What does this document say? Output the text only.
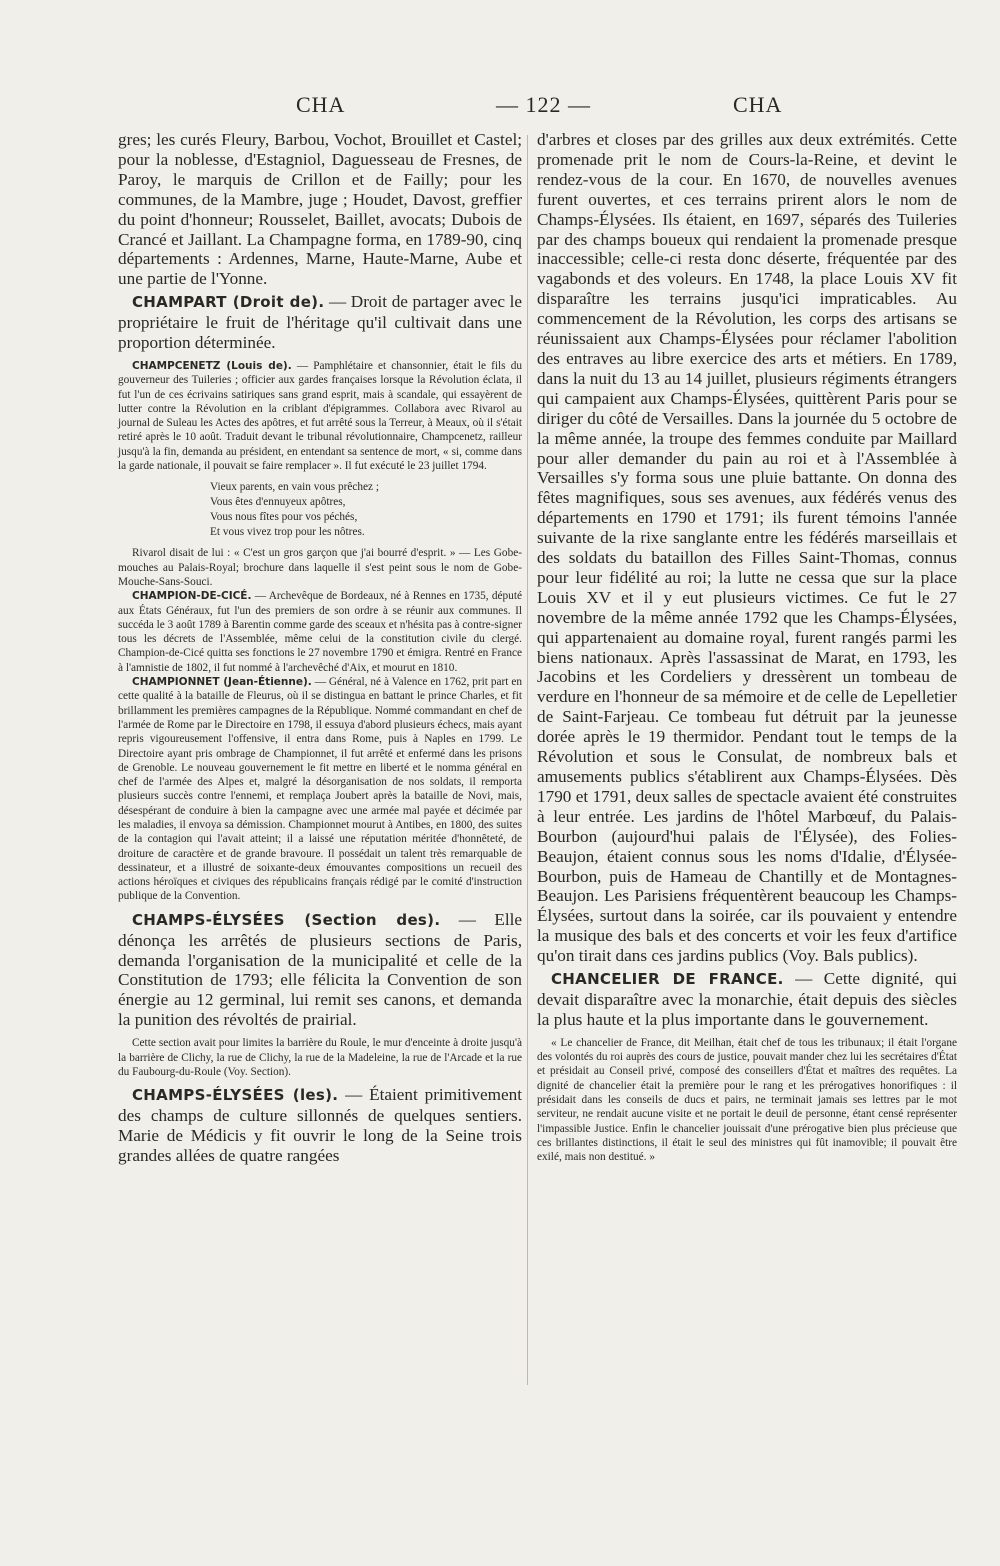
CHA	— 122 —	CHA

gres; les curés Fleury, Barbou, Vochot, Brouillet et Castel; pour la noblesse, d'Estagniol, Daguesseau de Fresnes, de Paroy, le marquis de Crillon et de Failly; pour les communes, de la Mambre, juge ; Houdet, Davost, greffier du point d'honneur; Rousselet, Baillet, avocats; Dubois de Crancé et Jaillant. La Champagne forma, en 1789-90, cinq départements : Ardennes, Marne, Haute-Marne, Aube et une partie de l'Yonne.

CHAMPART (Droit de). — Droit de partager avec le propriétaire le fruit de l'héritage qu'il cultivait dans une proportion déterminée.

CHAMPCENETZ (Louis de). — Pamphlétaire et chansonnier, était le fils du gouverneur des Tuileries ; officier aux gardes françaises lorsque la Révolution éclata, il fut l'un de ces écrivains satiriques sans grand esprit, mais à scandale, qui essayèrent de lutter contre la Révolution en la criblant d'épigrammes. Collabora avec Rivarol au journal de Suleau les Actes des apôtres, et fut arrêté sous la Terreur, à Meaux, où il s'était retiré après le 10 août. Traduit devant le tribunal révolutionnaire, Champcenetz, railleur jusqu'à la fin, demanda au président, en entendant sa sentence de mort, « si, comme dans la garde nationale, il pouvait se faire remplacer ». Il fut exécuté le 23 juillet 1794.

Vieux parents, en vain vous prêchez ;
Vous êtes d'ennuyeux apôtres,
Vous nous fîtes pour vos péchés,
Et vous vivez trop pour les nôtres.

Rivarol disait de lui : « C'est un gros garçon que j'ai bourré d'esprit. » — Les Gobe-mouches au Palais-Royal; brochure dans laquelle il s'est peint sous le nom de Gobe-Mouche-Sans-Souci.

CHAMPION-DE-CICÉ. — Archevêque de Bordeaux, né à Rennes en 1735, député aux États Généraux, fut l'un des premiers de son ordre à se réunir aux communes. Il succéda le 3 août 1789 à Barentin comme garde des sceaux et n'hésita pas à contre-signer tous les décrets de l'Assemblée, même celui de la constitution civile du clergé. Champion-de-Cicé quitta ses fonctions le 27 novembre 1790 et émigra. Rentré en France à l'amnistie de 1802, il fut nommé à l'archevêché d'Aix, et mourut en 1810.

CHAMPIONNET (Jean-Étienne). — Général, né à Valence en 1762, prit part en cette qualité à la bataille de Fleurus, où il se distingua en battant le prince Charles, et fit brillamment les premières campagnes de la République. Nommé commandant en chef de l'armée de Rome par le Directoire en 1798, il essuya d'abord plusieurs échecs, mais ayant repris vigoureusement l'offensive, il entra dans Rome, puis à Naples en 1799. Le Directoire ayant pris ombrage de Championnet, il fut arrêté et enfermé dans les prisons de Grenoble. Le nouveau gouvernement le fit mettre en liberté et le nomma général en chef de l'armée des Alpes et, malgré la désorganisation de nos soldats, il remporta plusieurs succès contre l'ennemi, et remplaça Joubert après la bataille de Novi, mais, désespérant de conduire à bien la campagne avec une armée mal payée et décimée par les maladies, il envoya sa démission. Championnet mourut à Antibes, en 1800, des suites de la contagion qui l'avait atteint; il a laissé une réputation méritée d'honnêteté, de droiture de caractère et de grande bravoure. Il possédait un talent très remarquable de dessinateur, et a illustré de soixante-deux émouvantes compositions un recueil des actions héroïques et civiques des républicains français rédigé par le comité d'instruction publique de la Convention.

CHAMPS-ÉLYSÉES (Section des). — Elle dénonça les arrêtés de plusieurs sections de Paris, demanda l'organisation de la municipalité et celle de la Constitution de 1793; elle félicita la Convention de son énergie au 12 germinal, lui remit ses canons, et demanda la punition des révoltés de prairial.

Cette section avait pour limites la barrière du Roule, le mur d'enceinte à droite jusqu'à la barrière de Clichy, la rue de Clichy, la rue de la Madeleine, la rue de l'Arcade et la rue du Faubourg-du-Roule (Voy. Section).

CHAMPS-ÉLYSÉES (les). — Étaient primitivement des champs de culture sillonnés de quelques sentiers. Marie de Médicis y fit ouvrir le long de la Seine trois grandes allées de quatre rangées

d'arbres et closes par des grilles aux deux extrémités. Cette promenade prit le nom de Cours-la-Reine, et devint le rendez-vous de la cour. En 1670, de nouvelles avenues furent ouvertes, et ces terrains prirent alors le nom de Champs-Élysées. Ils étaient, en 1697, séparés des Tuileries par des champs boueux qui rendaient la promenade presque inaccessible; celle-ci resta donc déserte, fréquentée par des vagabonds et des voleurs. En 1748, la place Louis XV fit disparaître les terrains jusqu'ici impraticables. Au commencement de la Révolution, les corps des artisans se réunissaient aux Champs-Élysées pour réclamer l'abolition des entraves au libre exercice des arts et métiers. En 1789, dans la nuit du 13 au 14 juillet, plusieurs régiments étrangers qui campaient aux Champs-Élysées, quittèrent Paris pour se diriger du côté de Versailles. Dans la journée du 5 octobre de la même année, la troupe des femmes conduite par Maillard pour aller demander du pain au roi et à l'Assemblée à Versailles s'y forma sous une pluie battante. On donna des fêtes magnifiques, sous ses avenues, aux fédérés venus des départements en 1790 et 1791; ils furent témoins l'année suivante de la rixe sanglante entre les fédérés marseillais et des soldats du bataillon des Filles Saint-Thomas, connus pour leur fidélité au roi; la lutte ne cessa que sur la place Louis XV et il y eut plusieurs victimes. Ce fut le 27 novembre de la même année 1792 que les Champs-Élysées, qui appartenaient au domaine royal, furent rangés parmi les biens nationaux. Après l'assassinat de Marat, en 1793, les Jacobins et les Cordeliers y dressèrent un tombeau de verdure en l'honneur de sa mémoire et de celle de Lepelletier de Saint-Farjeau. Ce tombeau fut détruit par la jeunesse dorée après le 19 thermidor. Pendant tout le temps de la Révolution et sous le Consulat, de nombreux bals et amusements publics s'établirent aux Champs-Élysées. Dès 1790 et 1791, deux salles de spectacle avaient été construites à leur entrée. Les jardins de l'hôtel Marbœuf, du Palais-Bourbon (aujourd'hui palais de l'Élysée), des Folies-Beaujon, étaient connus sous les noms d'Idalie, d'Élysée-Bourbon, puis de Hameau de Chantilly et de Montagnes-Beaujon. Les Parisiens fréquentèrent beaucoup les Champs-Élysées, surtout dans la soirée, car ils pouvaient y entendre la musique des bals et des concerts et voir les feux d'artifice qu'on tirait dans ces jardins publics (Voy. Bals publics).

CHANCELIER DE FRANCE. — Cette dignité, qui devait disparaître avec la monarchie, était depuis des siècles la plus haute et la plus importante dans le gouvernement.

« Le chancelier de France, dit Meilhan, était chef de tous les tribunaux; il était l'organe des volontés du roi auprès des cours de justice, pouvait mander chez lui les secrétaires d'État et présidait au Conseil privé, composé des conseillers d'État et maîtres des requêtes. La dignité de chancelier était la première pour le rang et les prérogatives honorifiques : il présidait dans les conseils de ducs et pairs, ne terminait jamais ses lettres par le mot serviteur, ne rendait aucune visite et ne portait le deuil de personne, étant censé représenter l'impassible Justice. Enfin le chancelier jouissait d'une prérogative bien plus précieuse que ces brillantes distinctions, il était le seul des ministres qui fût inamovible; il pouvait être exilé, mais non destitué. »
